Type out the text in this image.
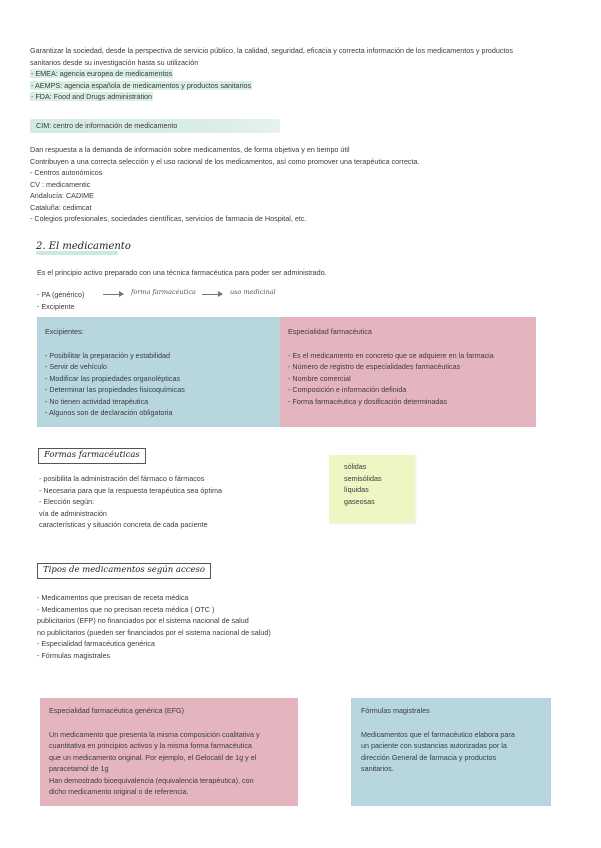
Garantizar la sociedad, desde la perspectiva de servicio público, la calidad, seguridad, eficacia y correcta información de los medicamentos y productos
sanitarios desde su investigación hasta su utilización
- EMEA: agencia europea de medicamentos
- AEMPS: agencia española de medicamentos y productos sanitarios
- FDA: Food and Drugs administration
CIM: centro de información de medicamento
Dan respuesta a la demanda de información sobre medicamentos, de forma objetiva y en tiempo útil
Contribuyen a una correcta selección y el uso racional de los medicamentos, así como promover una terapéutica correcta.
- Centros autonómicos
CV : medicamentic
Andalucía: CADIME
Cataluña: cedimcat
- Colegios profesionales, sociedades científicas, servicios de farmacia de Hospital, etc.
2. El medicamento
Es el principio activo preparado con una técnica farmacéutica para poder ser administrado.
- PA (genérico)	forma farmacéutica	uso medicinal
- Excipiente
Excipientes:
- Posibilitar la preparación y estabilidad
- Servir de vehículo
- Modificar las propiedades organolépticas
- Determinar las propiedades fisicoquímicas
- No tienen actividad terapéutica
- Algunos son de declaración obligatoria
Especialidad farmacéutica
- Es el medicamento en concreto que se adquiere en la farmacia
- Número de registro de especialidades farmacéuticas
- Nombre comercial
- Composición e información definida
- Forma farmacéutica y dosificación determinadas
Formas farmacéuticas
- posibilita la administración del fármaco o fármacos
- Necesaria para que la respuesta terapéutica sea óptima
- Elección según:
vía de administración
características y situación concreta de cada paciente
sólidas
semisólidas
líquidas
gaseosas
Tipos de medicamentos según acceso
- Medicamentos que precisan de receta médica
- Medicamentos que no precisan receta médica ( OTC )
publicitarios (EFP) no financiados por el sistema nacional de salud
no publicitarios (pueden ser financiados por el sistema nacional de salud)
- Especialidad farmacéutica genérica
- Fórmulas magistrales
Especialidad farmacéutica genérica (EFG)
Un medicamento que presenta la misma composición cualitativa y
cuantitativa en principios activos y la misma forma farmacéutica
que un medicamento original. Por ejemplo, el Gelocatil de 1g y el
paracetamol de 1g
Han demostrado bioequivalencia (equivalencia terapéutica), con
dicho medicamento original o de referencia.
Fórmulas magistrales
Medicamentos que el farmacéutico elabora para
un paciente con sustancias autorizadas por la
dirección General de farmacia y productos
sanitarios.
